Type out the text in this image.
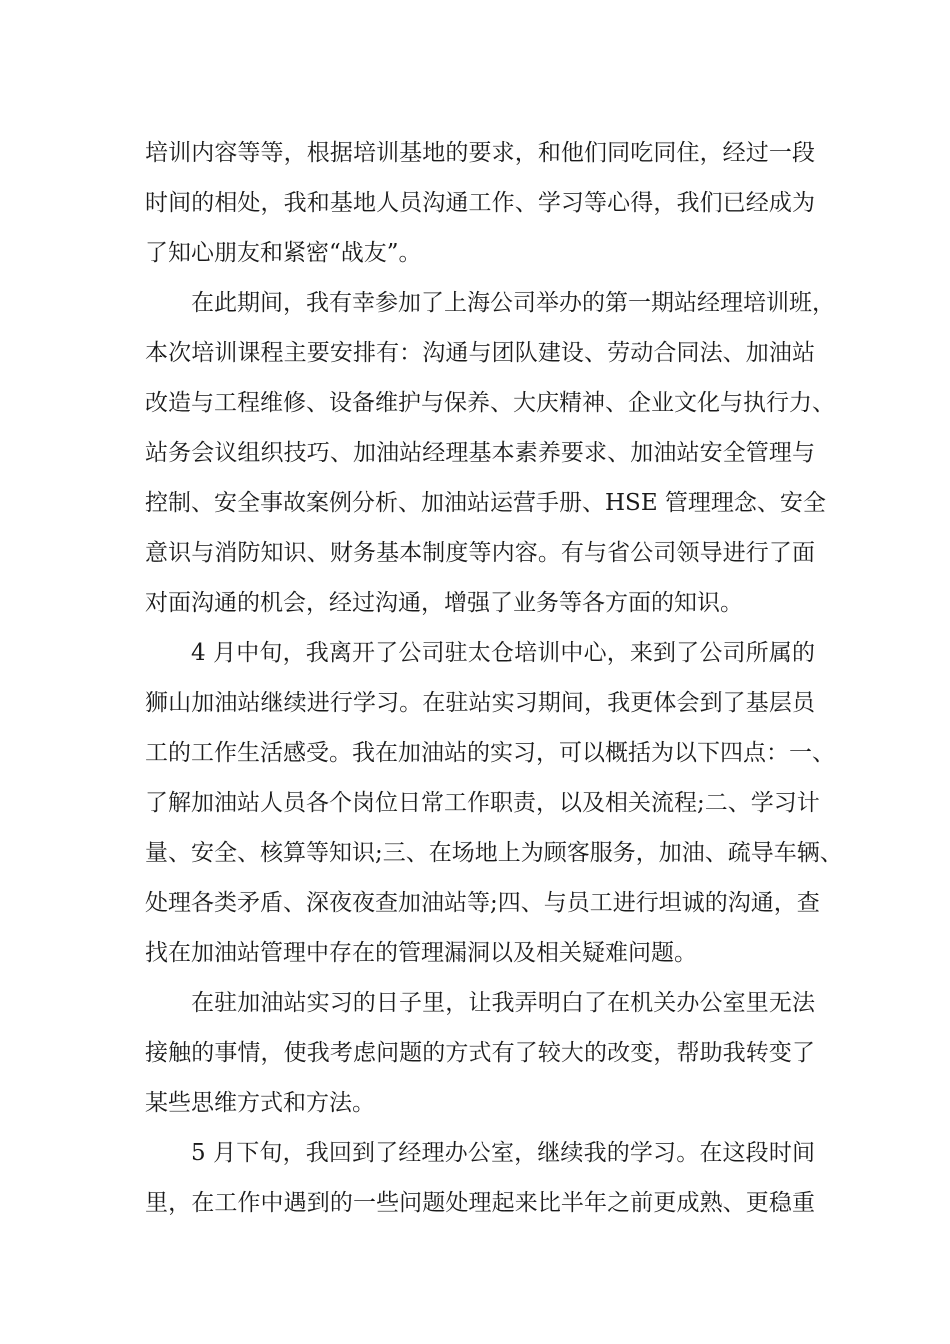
培训内容等等，根据培训基地的要求，和他们同吃同住，经过一段
时间的相处，我和基地人员沟通工作、学习等心得，我们已经成为
了知心朋友和紧密“战友”。
在此期间，我有幸参加了上海公司举办的第一期站经理培训班，
本次培训课程主要安排有：沟通与团队建设、劳动合同法、加油站
改造与工程维修、设备维护与保养、大庆精神、企业文化与执行力、
站务会议组织技巧、加油站经理基本素养要求、加油站安全管理与
控制、安全事故案例分析、加油站运营手册、HSE 管理理念、安全
意识与消防知识、财务基本制度等内容。有与省公司领导进行了面
对面沟通的机会，经过沟通，增强了业务等各方面的知识。
4 月中旬，我离开了公司驻太仓培训中心，来到了公司所属的
狮山加油站继续进行学习。在驻站实习期间，我更体会到了基层员
工的工作生活感受。我在加油站的实习，可以概括为以下四点：一、
了解加油站人员各个岗位日常工作职责，以及相关流程;二、学习计
量、安全、核算等知识;三、在场地上为顾客服务，加油、疏导车辆、
处理各类矛盾、深夜夜查加油站等;四、与员工进行坦诚的沟通，查
找在加油站管理中存在的管理漏洞以及相关疑难问题。
在驻加油站实习的日子里，让我弄明白了在机关办公室里无法
接触的事情，使我考虑问题的方式有了较大的改变，帮助我转变了
某些思维方式和方法。
5 月下旬，我回到了经理办公室，继续我的学习。在这段时间
里，在工作中遇到的一些问题处理起来比半年之前更成熟、更稳重
